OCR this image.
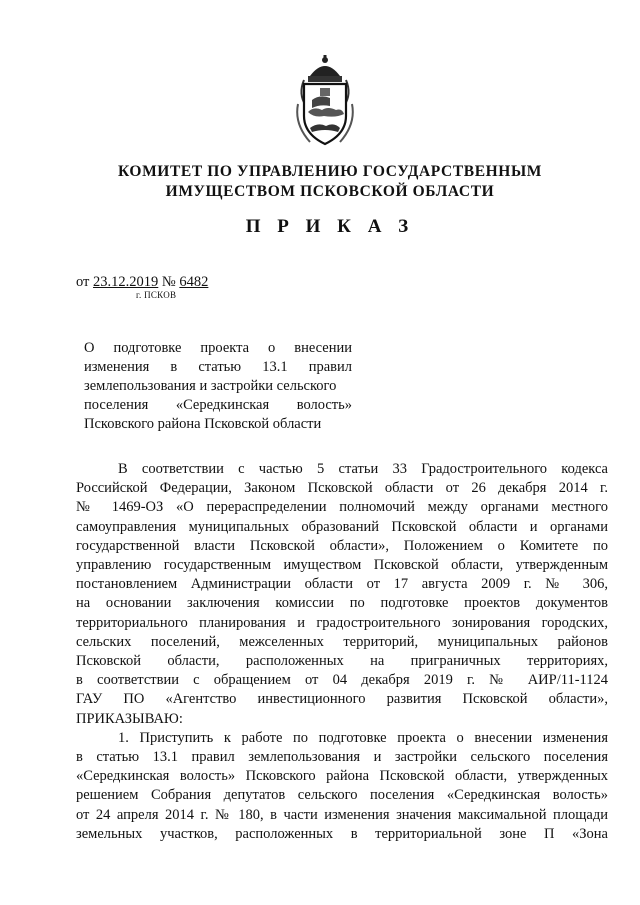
КОМИТЕТ ПО УПРАВЛЕНИЮ ГОСУДАРСТВЕННЫМ
ИМУЩЕСТВОМ ПСКОВСКОЙ ОБЛАСТИ
П Р И К А З
от 23.12.2019 № 6482
г. ПСКОВ
О подготовке проекта о внесении
изменения в статью 13.1 правил
землепользования и застройки сельского
поселения «Середкинская волость»
Псковского района Псковской области
В соответствии с частью 5 статьи 33 Градостроительного кодекса
Российской Федерации, Законом Псковской области от 26 декабря 2014 г.
№ 1469-ОЗ «О перераспределении полномочий между органами местного
самоуправления муниципальных образований Псковской области и органами
государственной власти Псковской области», Положением о Комитете по
управлению государственным имуществом Псковской области, утвержденным
постановлением Администрации области от 17 августа 2009 г. № 306,
на основании заключения комиссии по подготовке проектов документов
территориального планирования и градостроительного зонирования городских,
сельских поселений, межселенных территорий, муниципальных районов
Псковской области, расположенных на приграничных территориях,
в соответствии с обращением от 04 декабря 2019 г. № АИР/11-1124
ГАУ ПО «Агентство инвестиционного развития Псковской области»,
ПРИКАЗЫВАЮ:
1. Приступить к работе по подготовке проекта о внесении изменения
в статью 13.1 правил землепользования и застройки сельского поселения
«Середкинская волость» Псковского района Псковской области, утвержденных
решением Собрания депутатов сельского поселения «Середкинская волость»
от 24 апреля 2014 г. № 180, в части изменения значения максимальной площади
земельных участков, расположенных в территориальной зоне П «Зона
